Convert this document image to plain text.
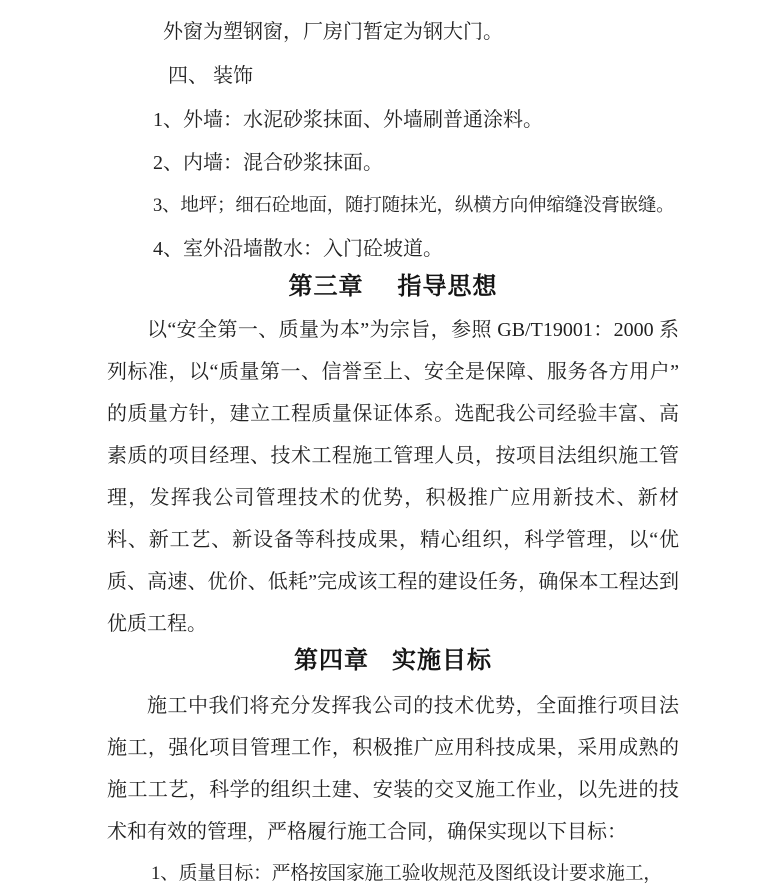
外窗为塑钢窗，厂房门暂定为钢大门。

四、 装饰

1、外墙：水泥砂浆抹面、外墙刷普通涂料。

2、内墙：混合砂浆抹面。

3、地坪；细石砼地面，随打随抹光，纵横方向伸缩缝没膏嵌缝。

4、室外沿墙散水：入门砼坡道。

第三章 指导思想

以“安全第一、质量为本”为宗旨，参照 GB/T19001：2000 系列标准，以“质量第一、信誉至上、安全是保障、服务各方用户”的质量方针，建立工程质量保证体系。选配我公司经验丰富、高素质的项目经理、技术工程施工管理人员，按项目法组织施工管理，发挥我公司管理技术的优势，积极推广应用新技术、新材料、新工艺、新设备等科技成果，精心组织，科学管理，以“优质、高速、优价、低耗”完成该工程的建设任务，确保本工程达到优质工程。

第四章 实施目标

施工中我们将充分发挥我公司的技术优势，全面推行项目法施工，强化项目管理工作，积极推广应用科技成果，采用成熟的施工工艺，科学的组织土建、安装的交叉施工作业，以先进的技术和有效的管理，严格履行施工合同，确保实现以下目标：

1、质量目标：严格按国家施工验收规范及图纸设计要求施工，
